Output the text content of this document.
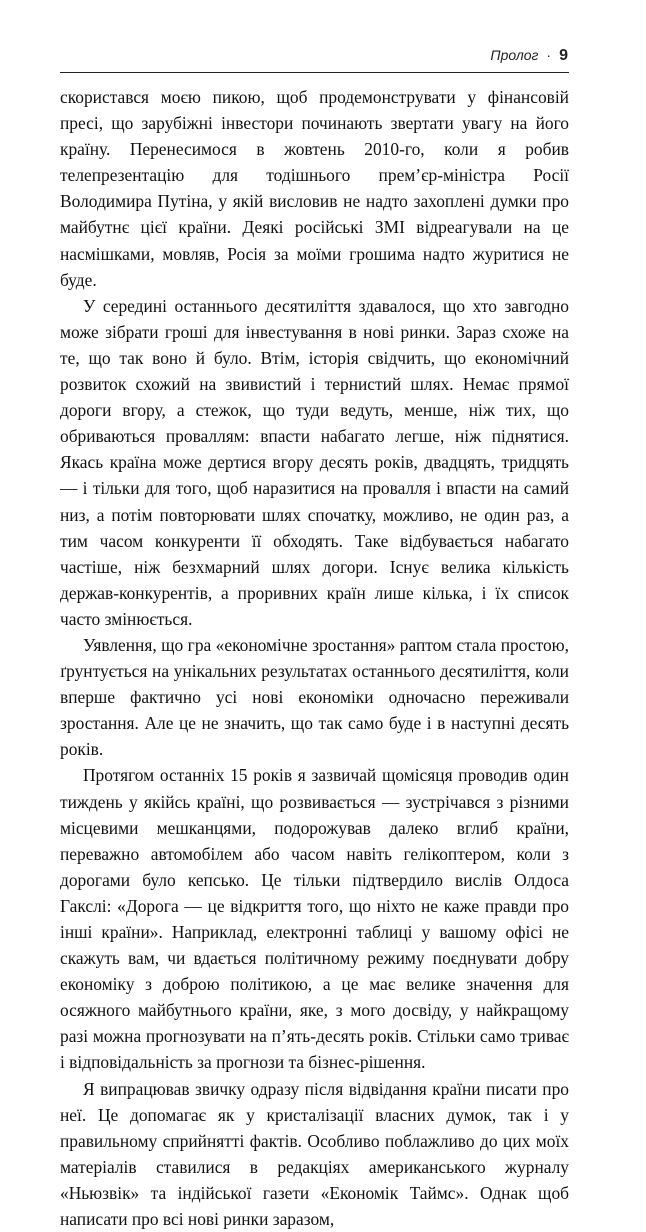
Пролог · 9

скористався моєю пикою, щоб продемонструвати у фінансовій пресі, що зарубіжні інвестори починають звертати увагу на його країну. Перенесимося в жовтень 2010-го, коли я робив телепрезентацію для тодішнього прем’єр-міністра Росії Володимира Путіна, у якій висловив не надто захоплені думки про майбутнє цієї країни. Деякі російські ЗМІ відреагували на це насмішками, мовляв, Росія за моїми грошима надто журитися не буде.

У середині останнього десятиліття здавалося, що хто завгодно може зібрати гроші для інвестування в нові ринки. Зараз схоже на те, що так воно й було. Втім, історія свідчить, що економічний розвиток схожий на звивистий і тернистий шлях. Немає прямої дороги вгору, а стежок, що туди ведуть, менше, ніж тих, що обриваються проваллям: впасти набагато легше, ніж піднятися. Якась країна може дертися вгору десять років, двадцять, тридцять — і тільки для того, щоб наразитися на провалля і впасти на самий низ, а потім повторювати шлях спочатку, можливо, не один раз, а тим часом конкуренти її обходять. Таке відбувається набагато частіше, ніж безхмарний шлях догори. Існує велика кількість держав-конкурентів, а проривних країн лише кілька, і їх список часто змінюється.

Уявлення, що гра «економічне зростання» раптом стала простою, ґрунтується на унікальних результатах останнього десятиліття, коли вперше фактично усі нові економіки одночасно переживали зростання. Але це не значить, що так само буде і в наступні десять років.

Протягом останніх 15 років я зазвичай щомісяця проводив один тиждень у якійсь країні, що розвивається — зустрічався з різними місцевими мешканцями, подорожував далеко вглиб країни, переважно автомобілем або часом навіть гелікоптером, коли з дорогами було кепсько. Це тільки підтвердило вислів Олдоса Гакслі: «Дорога — це відкриття того, що ніхто не каже правди про інші країни». Наприклад, електронні таблиці у вашому офісі не скажуть вам, чи вдається політичному режиму поєднувати добру економіку з доброю політикою, а це має велике значення для осяжного майбутнього країни, яке, з мого досвіду, у найкращому разі можна прогнозувати на п’ять-десять років. Стільки само триває і відповідальність за прогнози та бізнес-рішення.

Я випрацював звичку одразу після відвідання країни писати про неї. Це допомагає як у кристалізації власних думок, так і у правильному сприйнятті фактів. Особливо поблажливо до цих моїх матеріалів ставилися в редакціях американського журналу «Ньюзвік» та індійської газети «Економік Таймс». Однак щоб написати про всі нові ринки заразом,
